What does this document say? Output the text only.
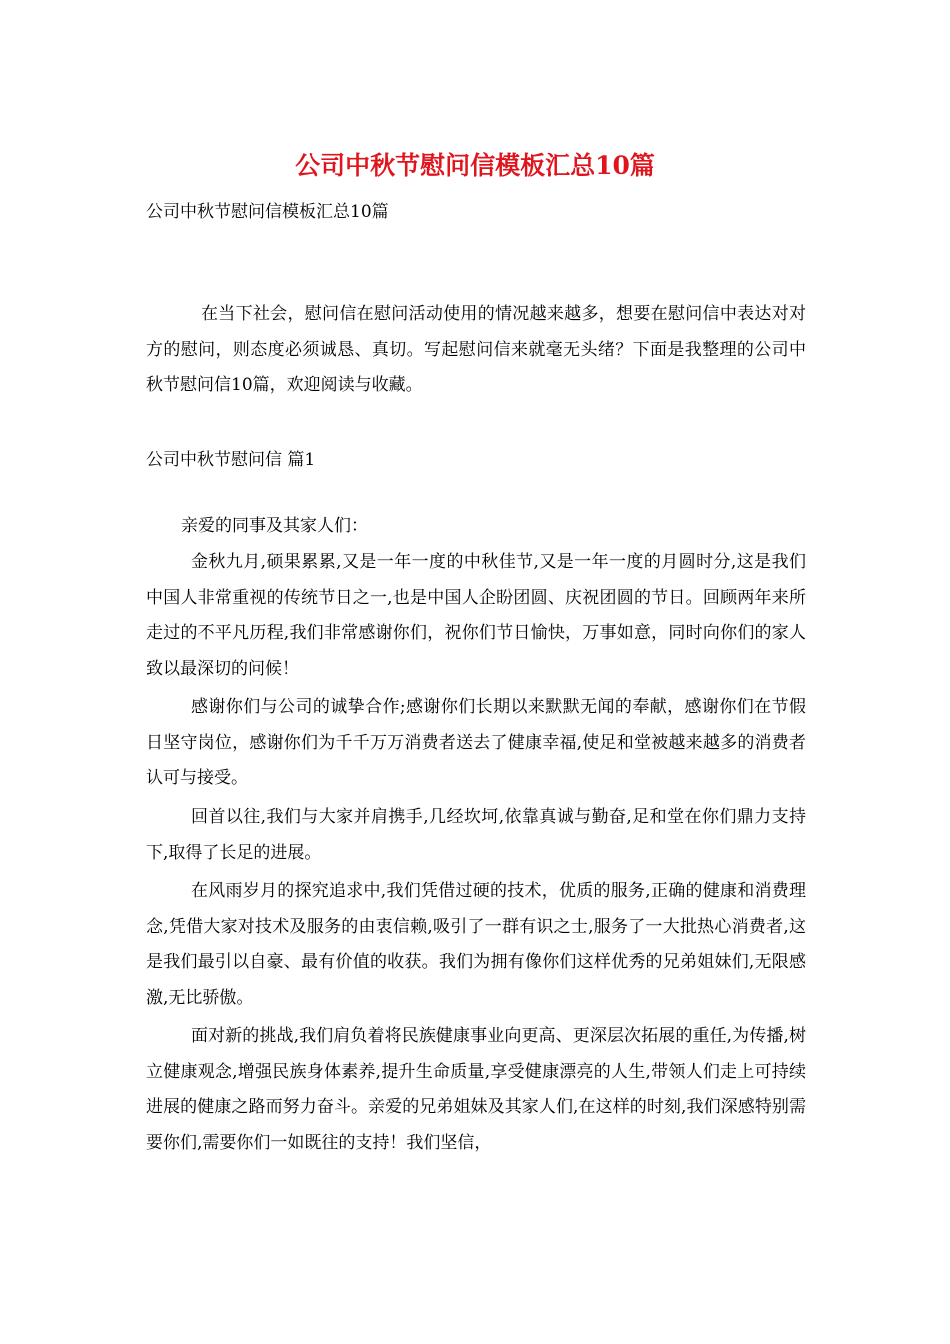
公司中秋节慰问信模板汇总10篇
公司中秋节慰问信模板汇总10篇

在当下社会，慰问信在慰问活动使用的情况越来越多，想要在慰问信中表达对对方的慰问，则态度必须诚恳、真切。写起慰问信来就毫无头绪？下面是我整理的公司中秋节慰问信10篇，欢迎阅读与收藏。

公司中秋节慰问信 篇1
亲爱的同事及其家人们：

金秋九月,硕果累累,又是一年一度的中秋佳节,又是一年一度的月圆时分,这是我们中国人非常重视的传统节日之一,也是中国人企盼团圆、庆祝团圆的节日。回顾两年来所走过的不平凡历程,我们非常感谢你们，祝你们节日愉快，万事如意，同时向你们的家人致以最深切的问候！

感谢你们与公司的诚挚合作;感谢你们长期以来默默无闻的奉献，感谢你们在节假日坚守岗位，感谢你们为千千万万消费者送去了健康幸福,使足和堂被越来越多的消费者认可与接受。

回首以往,我们与大家并肩携手,几经坎坷,依靠真诚与勤奋,足和堂在你们鼎力支持下,取得了长足的进展。

在风雨岁月的探究追求中,我们凭借过硬的技术，优质的服务,正确的健康和消费理念,凭借大家对技术及服务的由衷信赖,吸引了一群有识之士,服务了一大批热心消费者,这是我们最引以自豪、最有价值的收获。我们为拥有像你们这样优秀的兄弟姐妹们,无限感激,无比骄傲。

面对新的挑战,我们肩负着将民族健康事业向更高、更深层次拓展的重任,为传播,树立健康观念,增强民族身体素养,提升生命质量,享受健康漂亮的人生,带领人们走上可持续进展的健康之路而努力奋斗。亲爱的兄弟姐妹及其家人们,在这样的时刻,我们深感特别需要你们,需要你们一如既往的支持！我们坚信，
